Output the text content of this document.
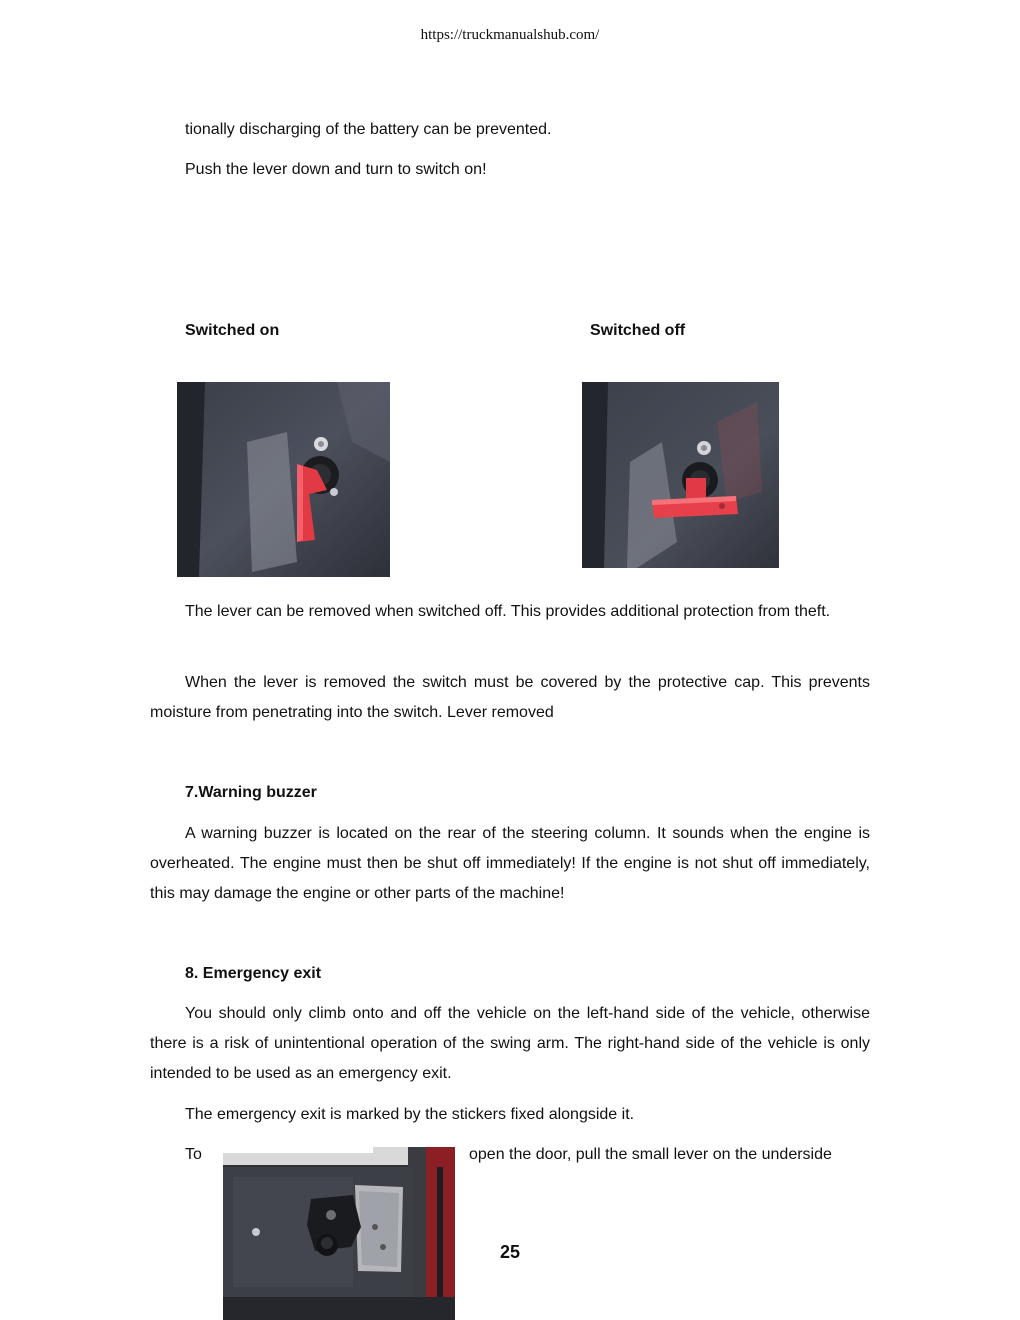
https://truckmanualshub.com/
tionally discharging of the battery can be prevented.
Push the lever down and turn to switch on!
Switched on	Switched off
The lever can be removed when switched off. This provides additional protection from theft.
When the lever is removed the switch must be covered by the protective cap. This prevents moisture from penetrating into the switch. Lever removed
7.Warning buzzer
A warning buzzer is located on the rear of the steering column. It sounds when the engine is overheated. The engine must then be shut off immediately! If the engine is not shut off immediately, this may damage the engine or other parts of the machine!
8. Emergency exit
You should only climb onto and off the vehicle on the left-hand side of the vehicle, otherwise there is a risk of unintentional operation of the swing arm. The right-hand side of the vehicle is only intended to be used as an emergency exit.
The emergency exit is marked by the stickers fixed alongside it.
To	open the door, pull the small lever on the underside
25
